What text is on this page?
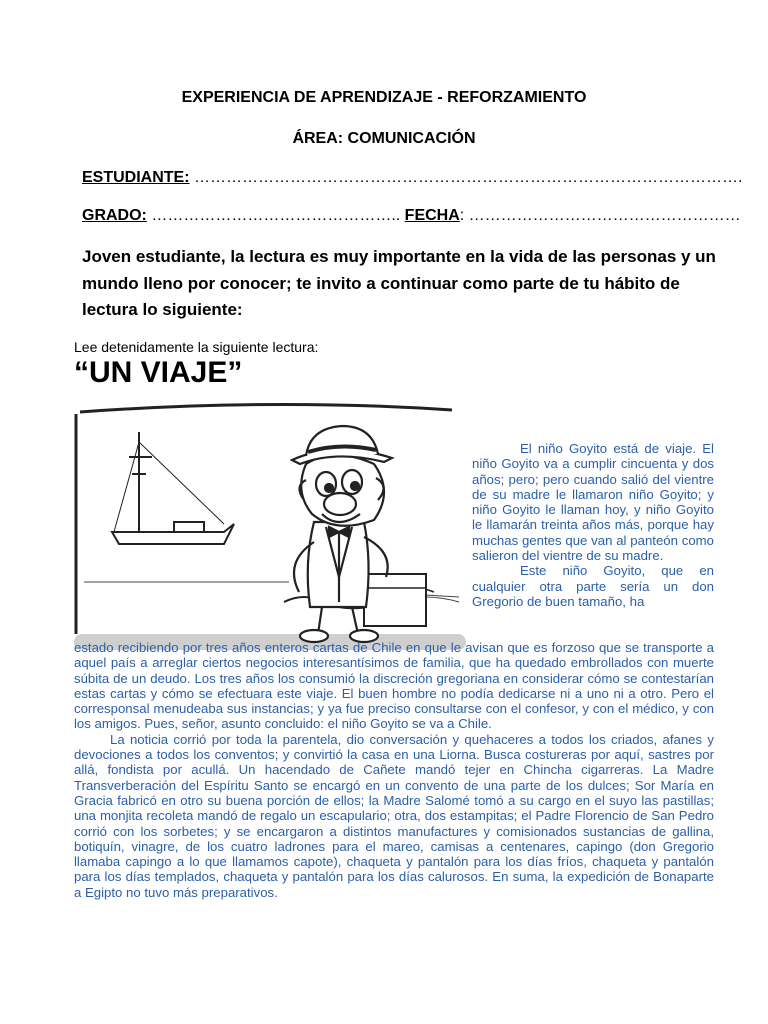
EXPERIENCIA DE APRENDIZAJE - REFORZAMIENTO
ÁREA: COMUNICACIÓN
ESTUDIANTE: ………………………………………………………………………………………….
GRADO: ……………………………………….. FECHA: ……………………………………………
Joven estudiante, la lectura es muy importante en la vida de las personas y un mundo lleno por conocer; te invito a continuar como parte de tu hábito de lectura lo siguiente:
Lee detenidamente la siguiente lectura:
“UN VIAJE”

El niño Goyito está de viaje. El niño Goyito va a cumplir cincuenta y dos años; pero; pero cuando salió del vientre de su madre le llamaron niño Goyito; y niño Goyito le llaman hoy, y niño Goyito le llamarán treinta años más, porque hay muchas gentes que van al panteón como salieron del vientre de su madre.

Este niño Goyito, que en cualquier otra parte sería un don Gregorio de buen tamaño, ha

estado recibiendo por tres años enteros cartas de Chile en que le avisan que es forzoso que se transporte a aquel país a arreglar ciertos negocios interesantísimos de familia, que ha quedado embrollados con muerte súbita de un deudo. Los tres años los consumió la discreción gregoriana en considerar cómo se contestarían estas cartas y cómo se efectuara este viaje. El buen hombre no podía dedicarse ni a uno ni a otro. Pero el corresponsal menudeaba sus instancias; y ya fue preciso consultarse con el confesor, y con el médico, y con los amigos. Pues, señor, asunto concluido: el niño Goyito se va a Chile.

La noticia corrió por toda la parentela, dio conversación y quehaceres a todos los criados, afanes y devociones a todos los conventos; y convirtió la casa en una Liorna. Busca costureras por aquí, sastres por allá, fondista por acullá. Un hacendado de Cañete mandó tejer en Chincha cigarreras. La Madre Transverberación del Espíritu Santo se encargó en un convento de una parte de los dulces; Sor María en Gracia fabricó en otro su buena porción de ellos; la Madre Salomé tomó a su cargo en el suyo las pastillas; una monjita recoleta mandó de regalo un escapulario; otra, dos estampitas; el Padre Florencio de San Pedro corrió con los sorbetes; y se encargaron a distintos manufactures y comisionados sustancias de gallina, botiquín, vinagre, de los cuatro ladrones para el mareo, camisas a centenares, capingo (don Gregorio llamaba capingo a lo que llamamos capote), chaqueta y pantalón para los días fríos, chaqueta y pantalón para los días templados, chaqueta y pantalón para los días calurosos. En suma, la expedición de Bonaparte a Egipto no tuvo más preparativos.
